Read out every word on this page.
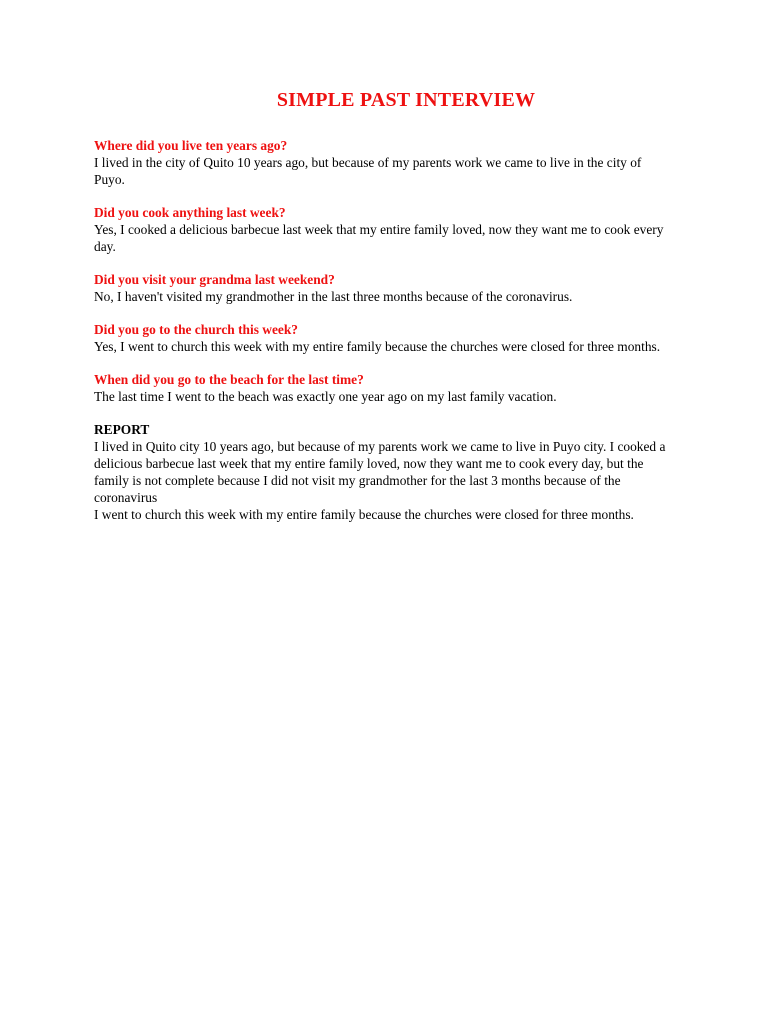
SIMPLE PAST INTERVIEW

Where did you live ten years ago?

I lived in the city of Quito 10 years ago, but because of my parents work we came to live in the city of Puyo.

Did you cook anything last week?

Yes, I cooked a delicious barbecue last week that my entire family loved, now they want me to cook every day.

Did you visit your grandma last weekend?

No, I haven't visited my grandmother in the last three months because of the coronavirus.

Did you go to the church this week?

Yes, I went to church this week with my entire family because the churches were closed for three months.

When did you go to the beach for the last time?

The last time I went to the beach was exactly one year ago on my last family vacation.

REPORT

I lived in Quito city 10 years ago, but because of my parents work we came to live in Puyo city. I cooked a delicious barbecue last week that my entire family loved, now they want me to cook every day, but the family is not complete because I did not visit my grandmother for the last 3 months because of the coronavirus

I went to church this week with my entire family because the churches were closed for three months.
